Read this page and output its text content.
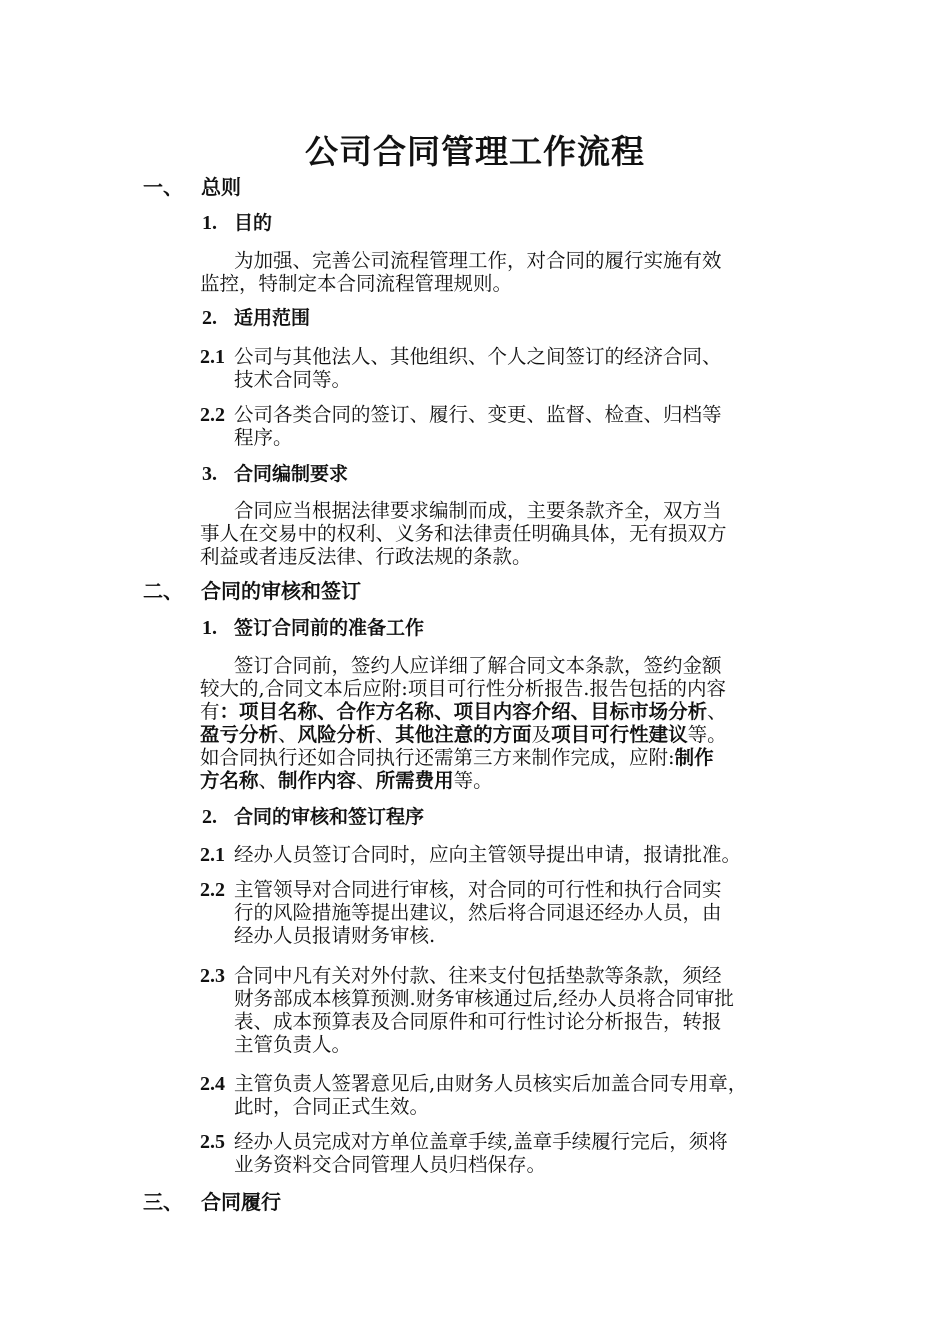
公司合同管理工作流程
一、 总则
1. 目的
为加强、完善公司流程管理工作，对合同的履行实施有效
监控，特制定本合同流程管理规则。
2. 适用范围
2.1 公司与其他法人、其他组织、个人之间签订的经济合同、
技术合同等。
2.2 公司各类合同的签订、履行、变更、监督、检查、归档等
程序。
3. 合同编制要求
合同应当根据法律要求编制而成，主要条款齐全，双方当
事人在交易中的权利、义务和法律责任明确具体，无有损双方
利益或者违反法律、行政法规的条款。
二、 合同的审核和签订
1. 签订合同前的准备工作
签订合同前，签约人应详细了解合同文本条款，签约金额
较大的,合同文本后应附:项目可行性分析报告.报告包括的内容
有：项目名称、合作方名称、项目内容介绍、目标市场分析、
盈亏分析、风险分析、其他注意的方面及项目可行性建议等。
如合同执行还如合同执行还需第三方来制作完成，应附:制作
方名称、制作内容、所需费用等。
2. 合同的审核和签订程序
2.1 经办人员签订合同时，应向主管领导提出申请，报请批准。
2.2 主管领导对合同进行审核，对合同的可行性和执行合同实
行的风险措施等提出建议，然后将合同退还经办人员，由
经办人员报请财务审核.
2.3 合同中凡有关对外付款、往来支付包括垫款等条款，须经
财务部成本核算预测.财务审核通过后,经办人员将合同审批
表、成本预算表及合同原件和可行性讨论分析报告，转报
主管负责人。
2.4 主管负责人签署意见后,由财务人员核实后加盖合同专用章，
此时，合同正式生效。
2.5 经办人员完成对方单位盖章手续,盖章手续履行完后，须将
业务资料交合同管理人员归档保存。
三、 合同履行
